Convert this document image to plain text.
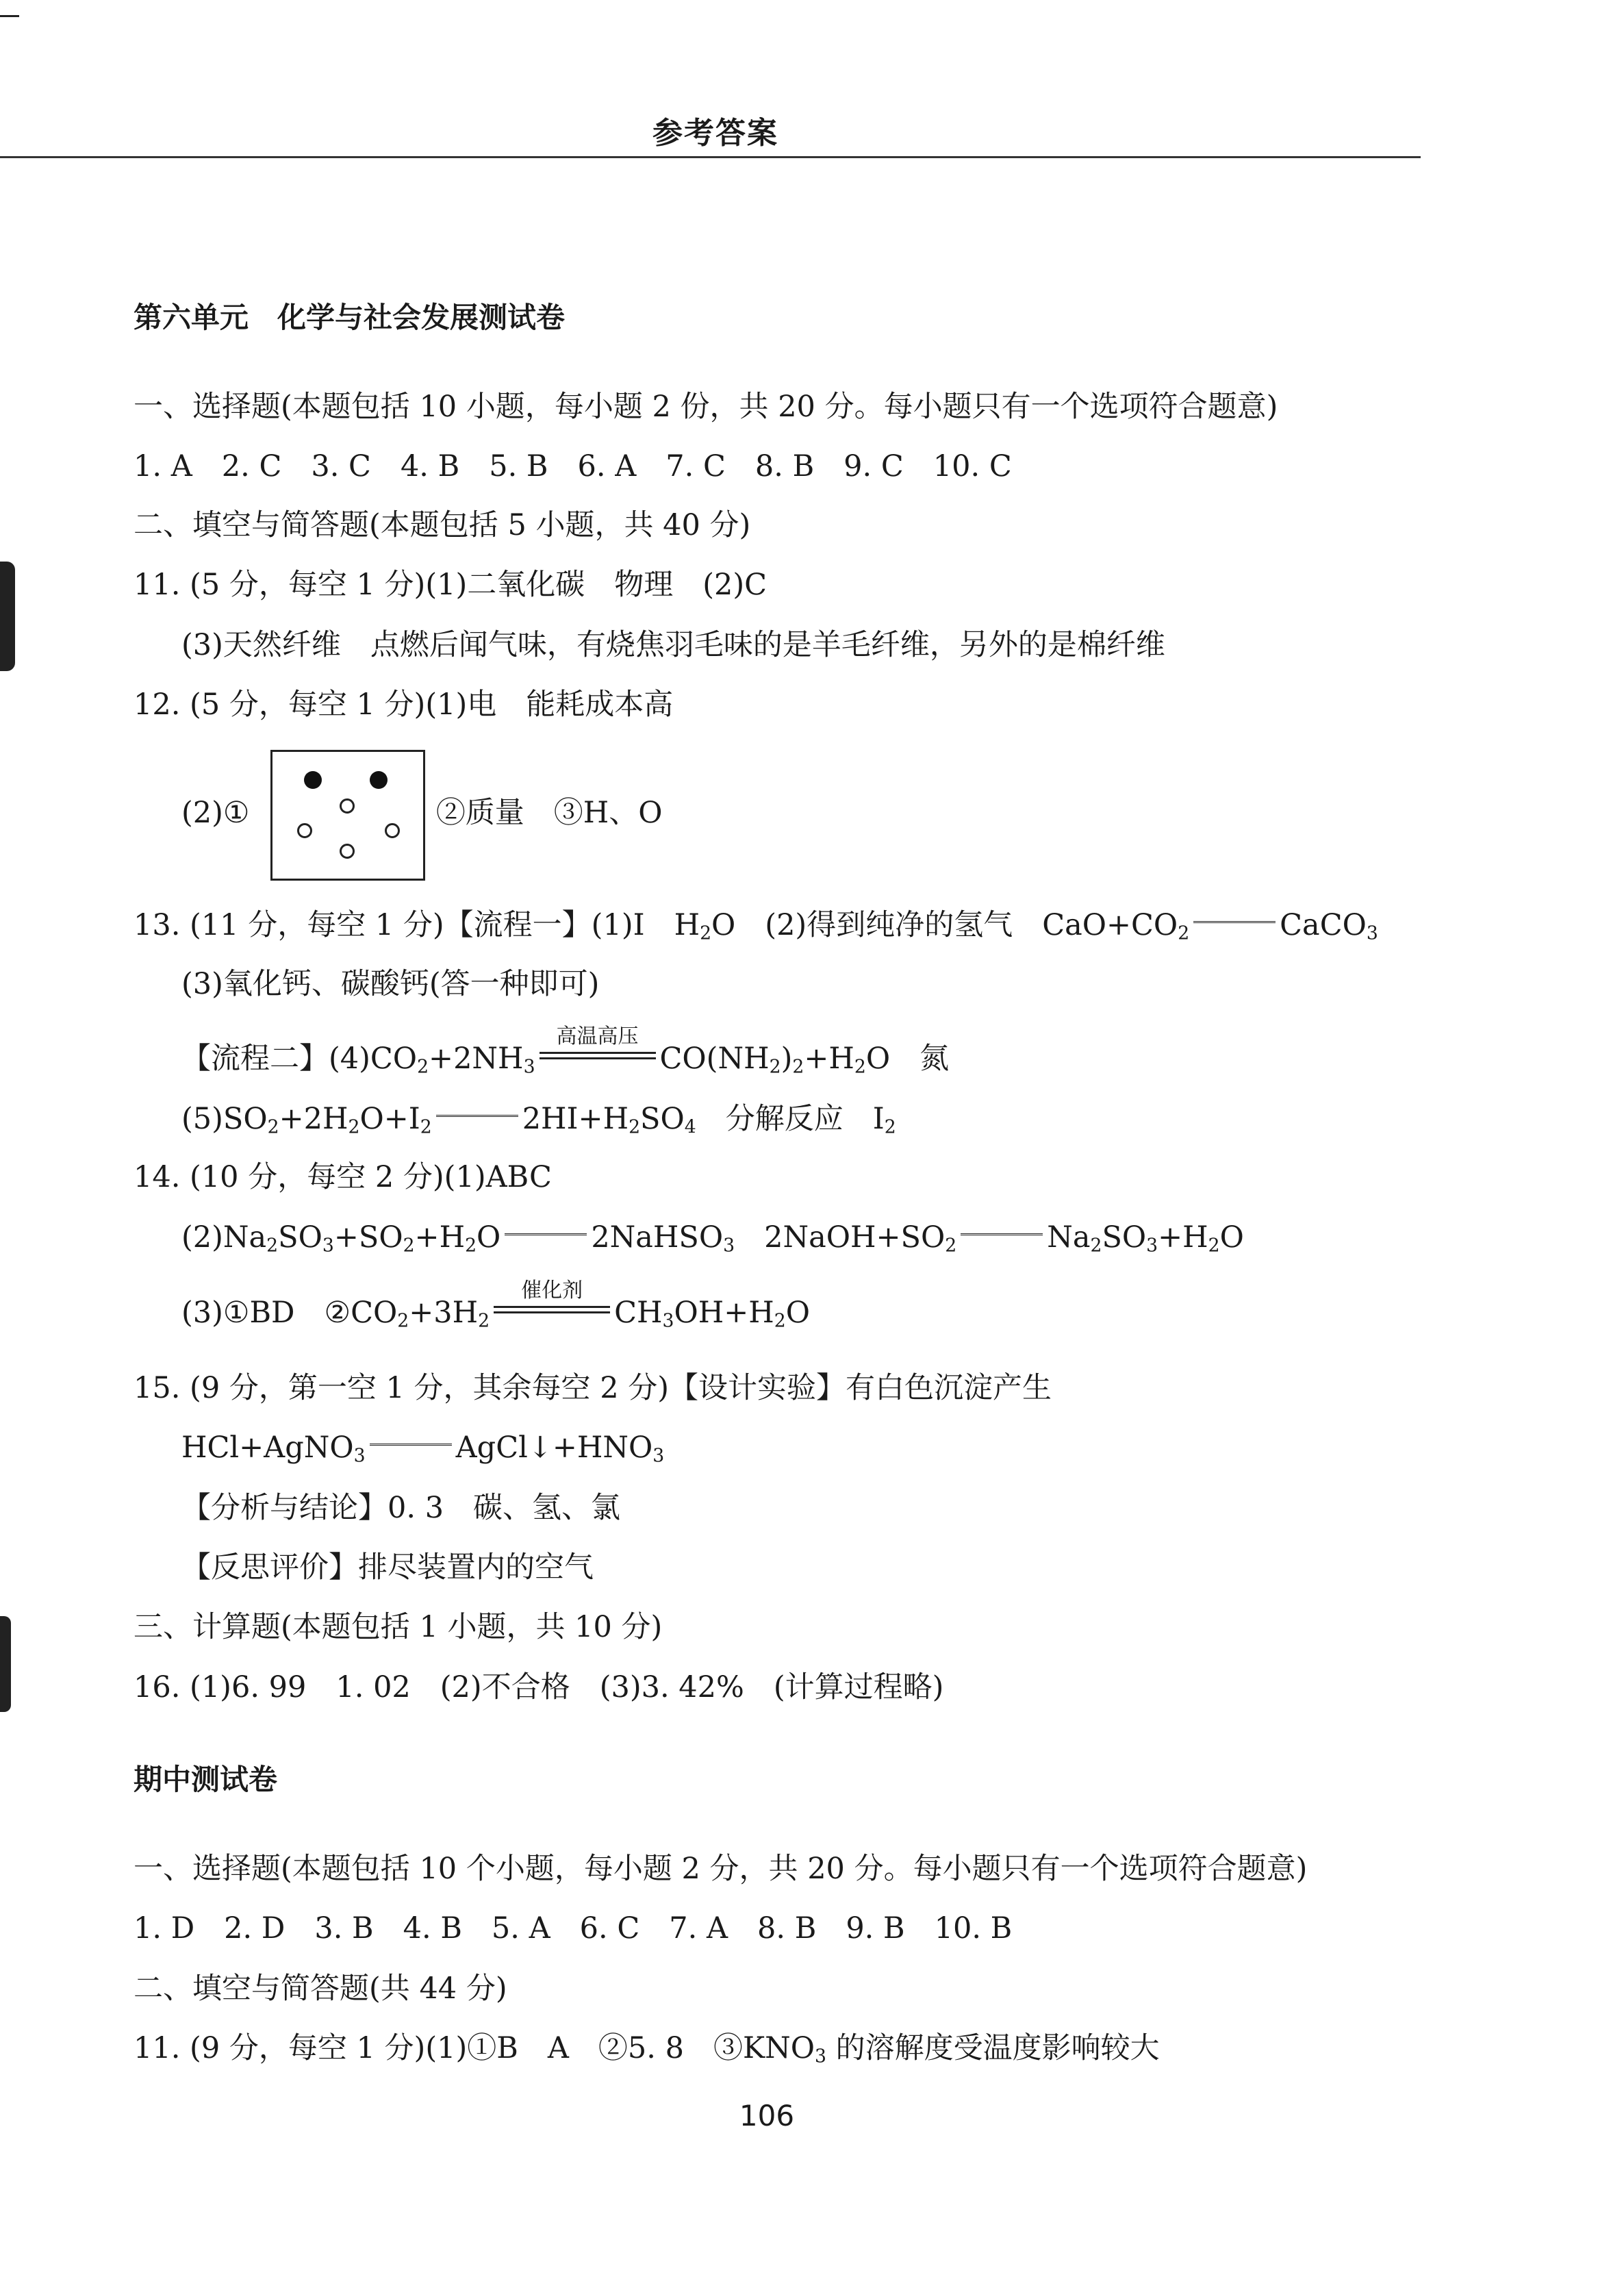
参考答案
第六单元　化学与社会发展测试卷
一、选择题(本题包括 10 小题，每小题 2 份，共 20 分。每小题只有一个选项符合题意)
1. A　2. C　3. C　4. B　5. B　6. A　7. C　8. B　9. C　10. C
二、填空与简答题(本题包括 5 小题，共 40 分)
11. (5 分，每空 1 分)(1)二氧化碳　物理　(2)C
(3)天然纤维　点燃后闻气味，有烧焦羽毛味的是羊毛纤维，另外的是棉纤维
12. (5 分，每空 1 分)(1)电　能耗成本高
(2)①	②质量　③H、O
13. (11 分，每空 1 分)【流程一】(1)Ⅰ　$H_2O$　(2)得到纯净的氢气　$CaO+CO_2$	CaCO$_3$
(3)氧化钙、碳酸钙(答一种即可)
【流程二】$(4)CO_2+2NH_3$
高温高压
$CO(NH_2)_2+H_2O$　氮
$(5)SO_2+2H_2O+I_2$	$2HI+H_2SO_4$　分解反应　$I_2$
14. (10 分，每空 2 分)(1)ABC
$(2)Na_2SO_3+SO_2+H_2O$	2NaHSO$_3$　$2NaOH+SO_2$	$Na_2SO_3+H_2O$
(3)①BD　$②CO_2+3H_2$
催化剂
$CH_3OH+H_2O$
15. (9 分，第一空 1 分，其余每空 2 分)【设计实验】有白色沉淀产生
HCl+AgNO$_3$	$AgCl↓+HNO_3$
【分析与结论】0. 3　碳、氢、氯
【反思评价】排尽装置内的空气
三、计算题(本题包括 1 小题，共 10 分)
16. (1)6. 99　1. 02　(2)不合格　(3)3. 42%　(计算过程略)
期中测试卷
一、选择题(本题包括 10 个小题，每小题 2 分，共 20 分。每小题只有一个选项符合题意)
1. D　2. D　3. B　4. B　5. A　6. C　7. A　8. B　9. B　10. B
二、填空与简答题(共 44 分)
11. (9 分，每空 1 分)(1)①B　A　②5. 8　$③KNO_3$ 的溶解度受温度影响较大
106
